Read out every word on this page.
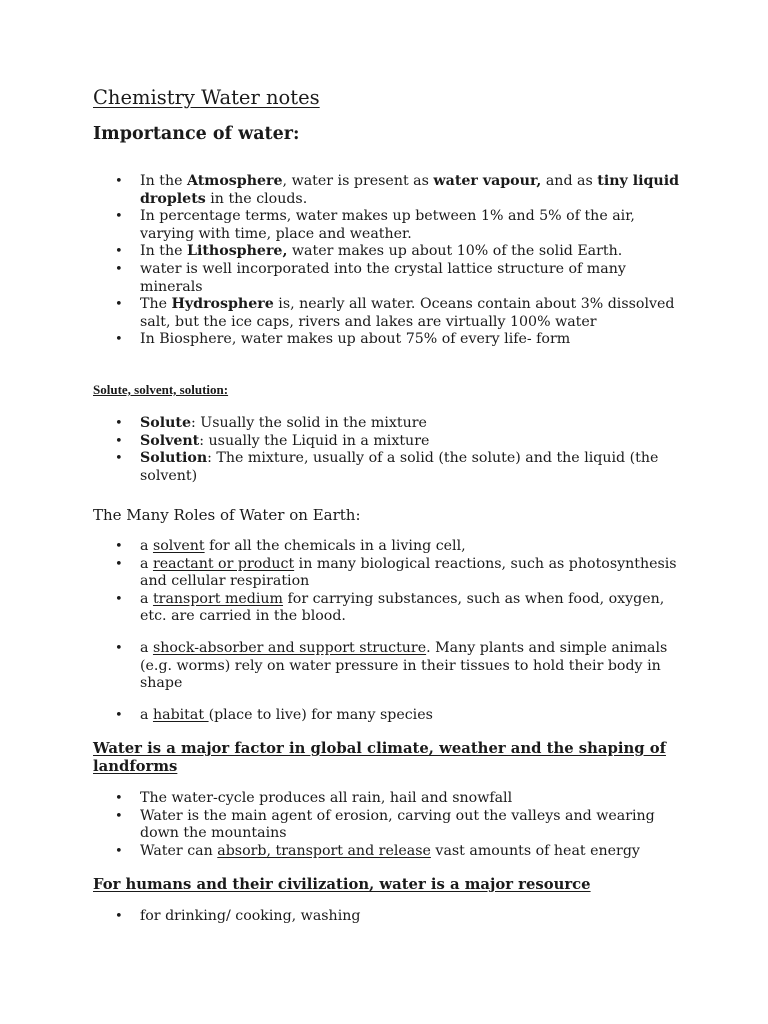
Chemistry Water notes
Importance of water:
• In the Atmosphere, water is present as water vapour, and as tiny liquid droplets in the clouds.
• In percentage terms, water makes up between 1% and 5% of the air, varying with time, place and weather.
• In the Lithosphere, water makes up about 10% of the solid Earth.
• water is well incorporated into the crystal lattice structure of many minerals
• The Hydrosphere is, nearly all water. Oceans contain about 3% dissolved salt, but the ice caps, rivers and lakes are virtually 100% water
• In Biosphere, water makes up about 75% of every life- form
Solute, solvent, solution:
• Solute: Usually the solid in the mixture
• Solvent: usually the Liquid in a mixture
• Solution: The mixture, usually of a solid (the solute) and the liquid (the solvent)
The Many Roles of Water on Earth:
• a solvent for all the chemicals in a living cell,
• a reactant or product in many biological reactions, such as photosynthesis and cellular respiration
• a transport medium for carrying substances, such as when food, oxygen, etc. are carried in the blood.
• a shock-absorber and support structure. Many plants and simple animals (e.g. worms) rely on water pressure in their tissues to hold their body in shape
• a habitat (place to live) for many species
Water is a major factor in global climate, weather and the shaping of landforms
• The water-cycle produces all rain, hail and snowfall
• Water is the main agent of erosion, carving out the valleys and wearing down the mountains
• Water can absorb, transport and release vast amounts of heat energy
For humans and their civilization, water is a major resource
• for drinking/ cooking, washing
